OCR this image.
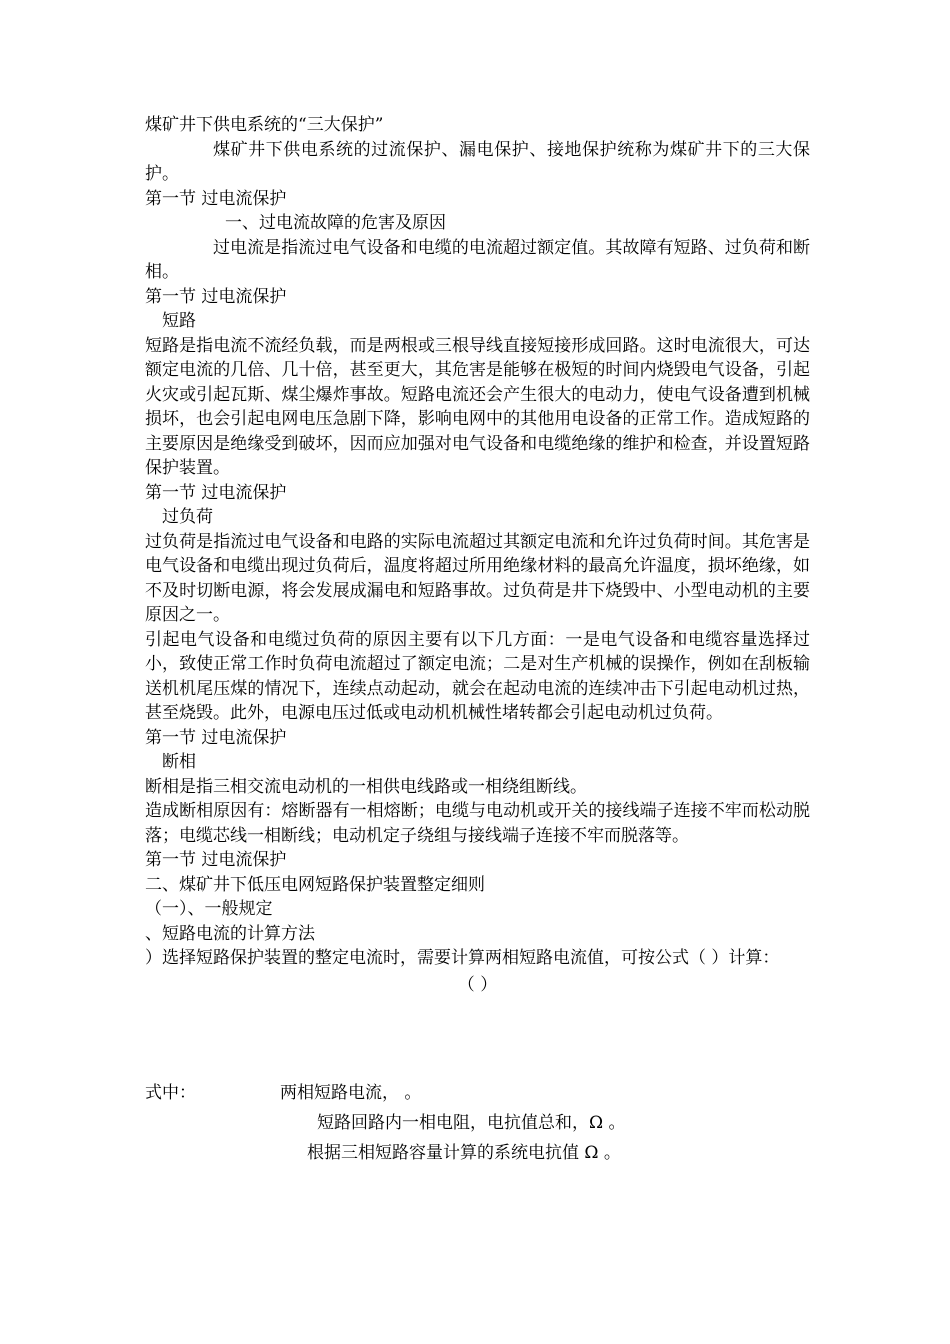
煤矿井下供电系统的“三大保护”

煤矿井下供电系统的过流保护、漏电保护、接地保护统称为煤矿井下的三大保护。

第一节 过电流保护

一、过电流故障的危害及原因

过电流是指流过电气设备和电缆的电流超过额定值。其故障有短路、过负荷和断相。

第一节 过电流保护

短路

短路是指电流不流经负载，而是两根或三根导线直接短接形成回路。这时电流很大，可达额定电流的几倍、几十倍，甚至更大，其危害是能够在极短的时间内烧毁电气设备，引起火灾或引起瓦斯、煤尘爆炸事故。短路电流还会产生很大的电动力，使电气设备遭到机械损坏，也会引起电网电压急剧下降，影响电网中的其他用电设备的正常工作。造成短路的主要原因是绝缘受到破坏，因而应加强对电气设备和电缆绝缘的维护和检查，并设置短路保护装置。

第一节 过电流保护

过负荷

过负荷是指流过电气设备和电路的实际电流超过其额定电流和允许过负荷时间。其危害是电气设备和电缆出现过负荷后，温度将超过所用绝缘材料的最高允许温度，损坏绝缘，如不及时切断电源，将会发展成漏电和短路事故。过负荷是井下烧毁中、小型电动机的主要原因之一。

引起电气设备和电缆过负荷的原因主要有以下几方面：一是电气设备和电缆容量选择过小，致使正常工作时负荷电流超过了额定电流；二是对生产机械的误操作，例如在刮板输送机机尾压煤的情况下，连续点动起动，就会在起动电流的连续冲击下引起电动机过热，甚至烧毁。此外，电源电压过低或电动机机械性堵转都会引起电动机过负荷。

第一节 过电流保护

断相

断相是指三相交流电动机的一相供电线路或一相绕组断线。

造成断相原因有：熔断器有一相熔断；电缆与电动机或开关的接线端子连接不牢而松动脱落；电缆芯线一相断线；电动机定子绕组与接线端子连接不牢而脱落等。

第一节 过电流保护

二、煤矿井下低压电网短路保护装置整定细则

（一）、一般规定

、短路电流的计算方法

）选择短路保护装置的整定电流时，需要计算两相短路电流值，可按公式（ ）计算：

（ ）

式中：	两相短路电流， 。
短路回路内一相电阻，电抗值总和，Ω 。
根据三相短路容量计算的系统电抗值 Ω 。
